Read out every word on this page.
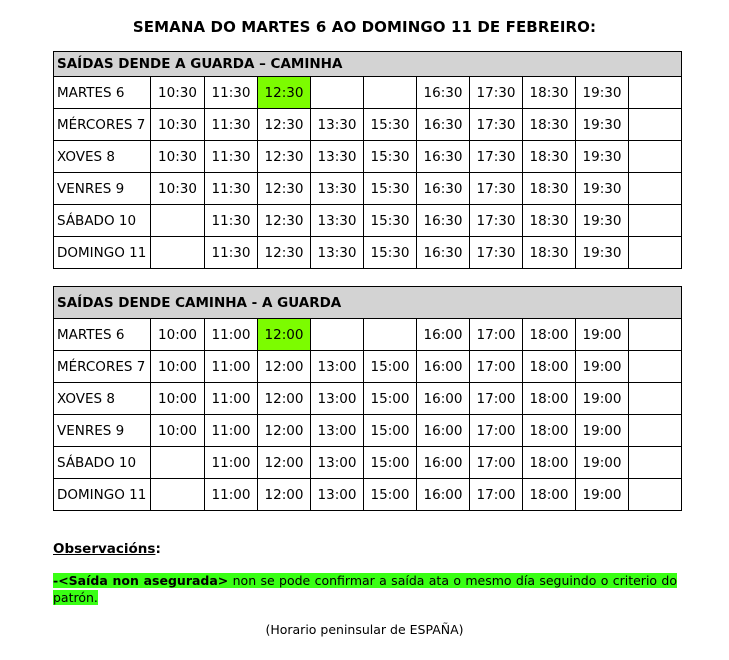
SEMANA DO MARTES 6 AO DOMINGO 11 DE FEBREIRO:
SAÍDAS DENDE A GUARDA – CAMINHA										
MARTES 6	10:30	11:30	12:30			16:30	17:30	18:30	19:30	
MÉRCORES 7	10:30	11:30	12:30	13:30	15:30	16:30	17:30	18:30	19:30	
XOVES 8	10:30	11:30	12:30	13:30	15:30	16:30	17:30	18:30	19:30	
VENRES 9	10:30	11:30	12:30	13:30	15:30	16:30	17:30	18:30	19:30	
SÁBADO 10		11:30	12:30	13:30	15:30	16:30	17:30	18:30	19:30	
DOMINGO 11		11:30	12:30	13:30	15:30	16:30	17:30	18:30	19:30	
SAÍDAS DENDE CAMINHA - A GUARDA										
MARTES 6	10:00	11:00	12:00			16:00	17:00	18:00	19:00	
MÉRCORES 7	10:00	11:00	12:00	13:00	15:00	16:00	17:00	18:00	19:00	
XOVES 8	10:00	11:00	12:00	13:00	15:00	16:00	17:00	18:00	19:00	
VENRES 9	10:00	11:00	12:00	13:00	15:00	16:00	17:00	18:00	19:00	
SÁBADO 10		11:00	12:00	13:00	15:00	16:00	17:00	18:00	19:00	
DOMINGO 11		11:00	12:00	13:00	15:00	16:00	17:00	18:00	19:00	
Observacións:
-<Saída non asegurada> non se pode confirmar a saída ata o mesmo día seguindo o criterio do patrón.
(Horario peninsular de ESPAÑA)
